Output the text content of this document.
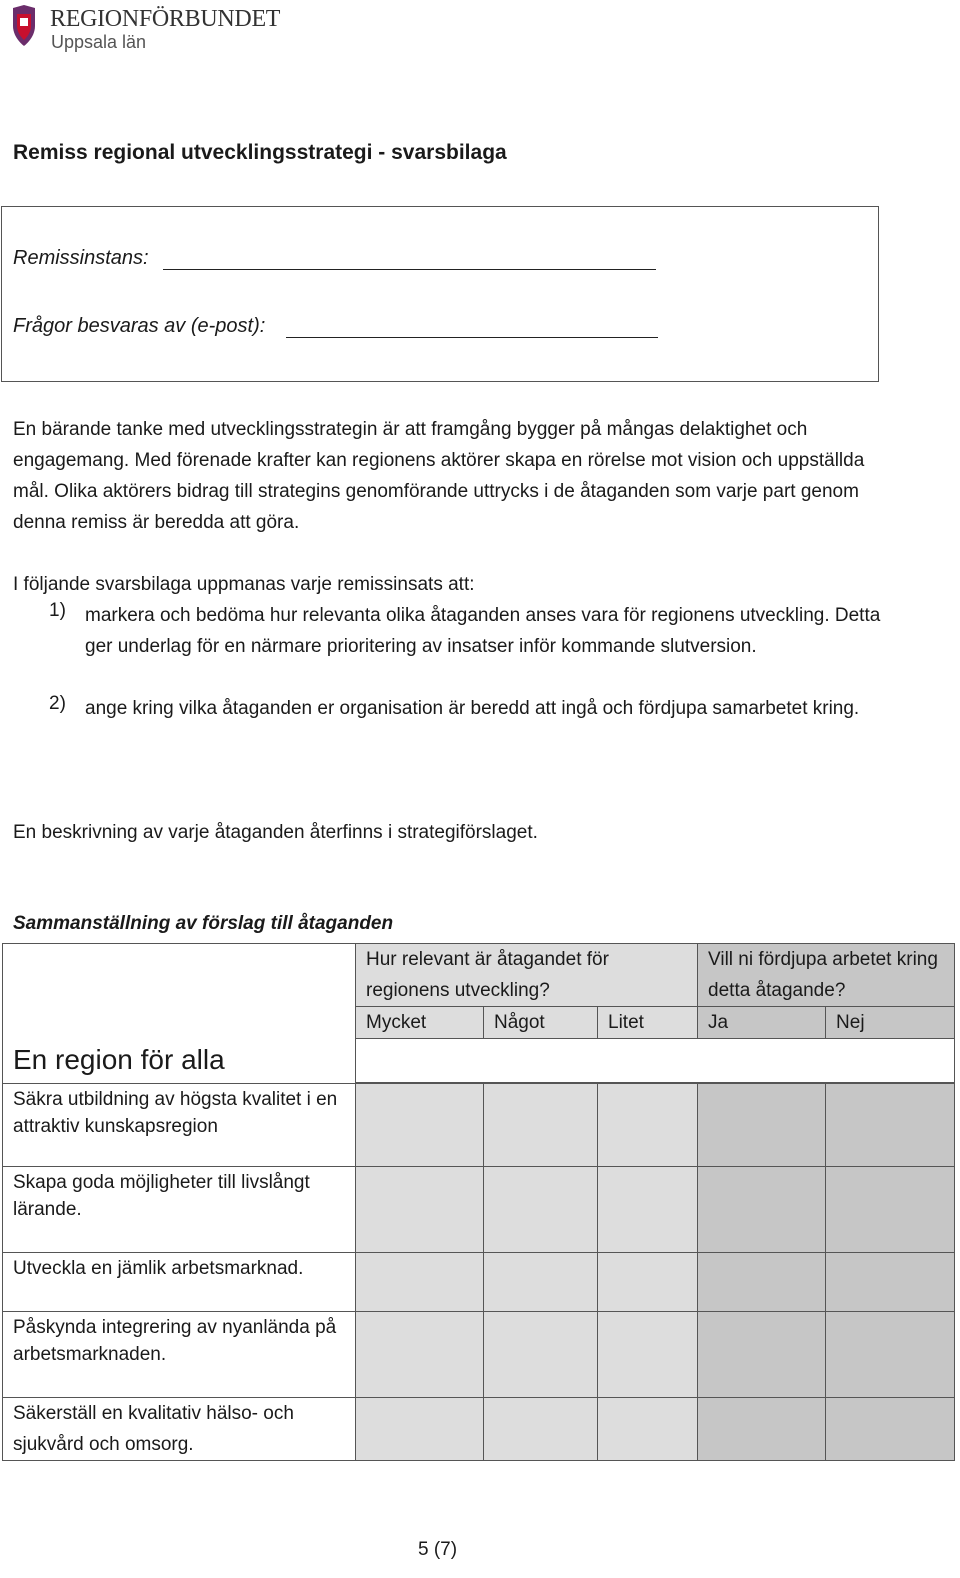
REGIONFÖRBUNDET
Uppsala län
Remiss regional utvecklingsstrategi - svarsbilaga
Remissinstans:
Frågor besvaras av (e-post):

En bärande tanke med utvecklingsstrategin är att framgång bygger på mångas delaktighet och engagemang. Med förenade krafter kan regionens aktörer skapa en rörelse mot vision och uppställda mål. Olika aktörers bidrag till strategins genomförande uttrycks i de åtaganden som varje part genom denna remiss är beredda att göra.

I följande svarsbilaga uppmanas varje remissinsats att:

1) markera och bedöma hur relevanta olika åtaganden anses vara för regionens utveckling. Detta ger underlag för en närmare prioritering av insatser inför kommande slutversion.
2) ange kring vilka åtaganden er organisation är beredd att ingå och fördjupa samarbetet kring.

En beskrivning av varje åtaganden återfinns i strategiförslaget.

Sammanställning av förslag till åtaganden
	Hur relevant är åtagandet för regionens utveckling?			Vill ni fördjupa arbetet kring detta åtagande?	
	Mycket	Något	Litet	Ja	Nej

En region för alla
Säkra utbildning av högsta kvalitet i en attraktiv kunskapsregion					
Skapa goda möjligheter till livslångt lärande.					
Utveckla en jämlik arbetsmarknad.					
Påskynda integrering av nyanlända på arbetsmarknaden.					
Säkerställ en kvalitativ hälso- och sjukvård och omsorg.					
5 (7)
